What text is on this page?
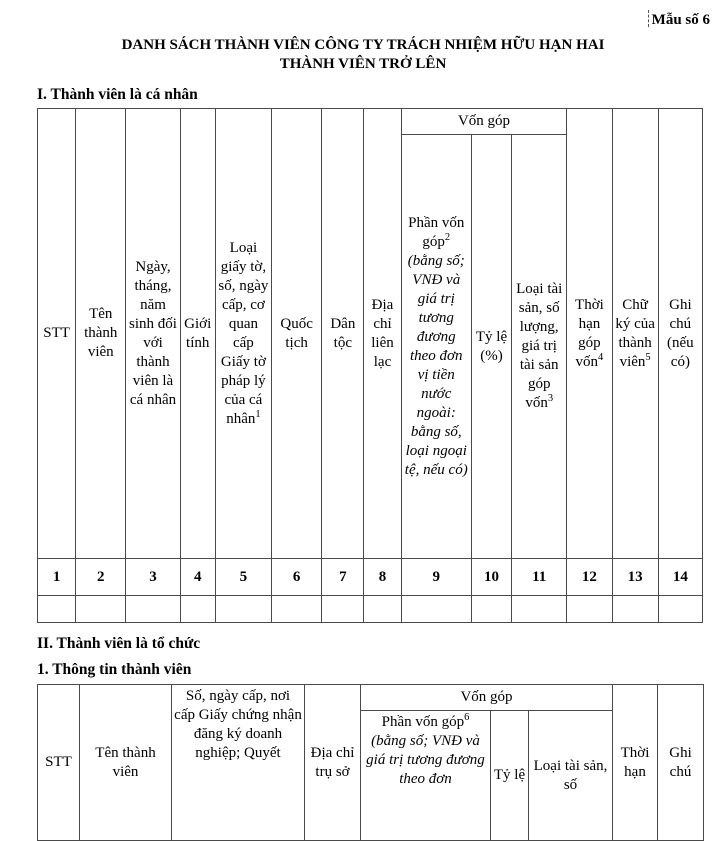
Mẫu số 6
DANH SÁCH THÀNH VIÊN CÔNG TY TRÁCH NHIỆM HỮU HẠN HAI
THÀNH VIÊN TRỞ LÊN
I. Thành viên là cá nhân
STT	Tên thành viên	Ngày, tháng, năm sinh đối với thành viên là cá nhân	Giới tính	Loại giấy tờ, số, ngày cấp, cơ quan cấp Giấy tờ pháp lý của cá nhân$^1$	Quốc tịch	Dân tộc	Địa chỉ liên lạc	Vốn góp			Thời hạn góp vốn$^4$	Chữ ký của thành viên$^5$	Ghi chú (nếu có)
								Phần vốn góp$^2$ (bằng số; VNĐ và giá trị tương đương theo đơn vị tiền nước ngoài: bằng số, loại ngoại tệ, nếu có)	Tỷ lệ (%)	Loại tài sản, số lượng, giá trị tài sản góp vốn$^3$
1	2	3	4	5	6	7	8	9	10	11	12	13	14

II. Thành viên là tổ chức
1. Thông tin thành viên
STT	Tên thành viên	Số, ngày cấp, nơi cấp Giấy chứng nhận đăng ký doanh nghiệp; Quyết	Địa chỉ trụ sở	Vốn góp			Thời hạn	Ghi chú
				Phần vốn góp$^6$ (bằng số; VNĐ và giá trị tương đương theo đơn	Tỷ lệ	Loại tài sản, số		
